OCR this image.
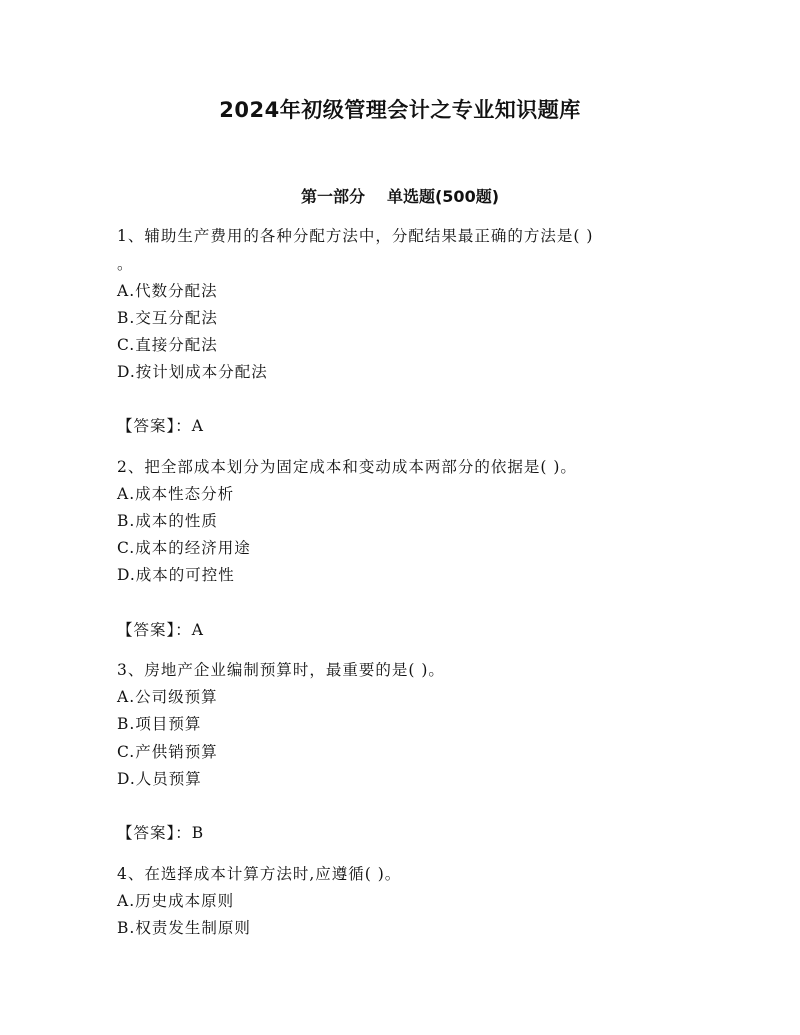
2024年初级管理会计之专业知识题库
第一部分 单选题(500题)
1、辅助生产费用的各种分配方法中，分配结果最正确的方法是( )
。
A.代数分配法
B.交互分配法
C.直接分配法
D.按计划成本分配法
【答案】：A
2、把全部成本划分为固定成本和变动成本两部分的依据是( )。
A.成本性态分析
B.成本的性质
C.成本的经济用途
D.成本的可控性
【答案】：A
3、房地产企业编制预算时，最重要的是( )。
A.公司级预算
B.项目预算
C.产供销预算
D.人员预算
【答案】：B
4、在选择成本计算方法时,应遵循( )。
A.历史成本原则
B.权责发生制原则
